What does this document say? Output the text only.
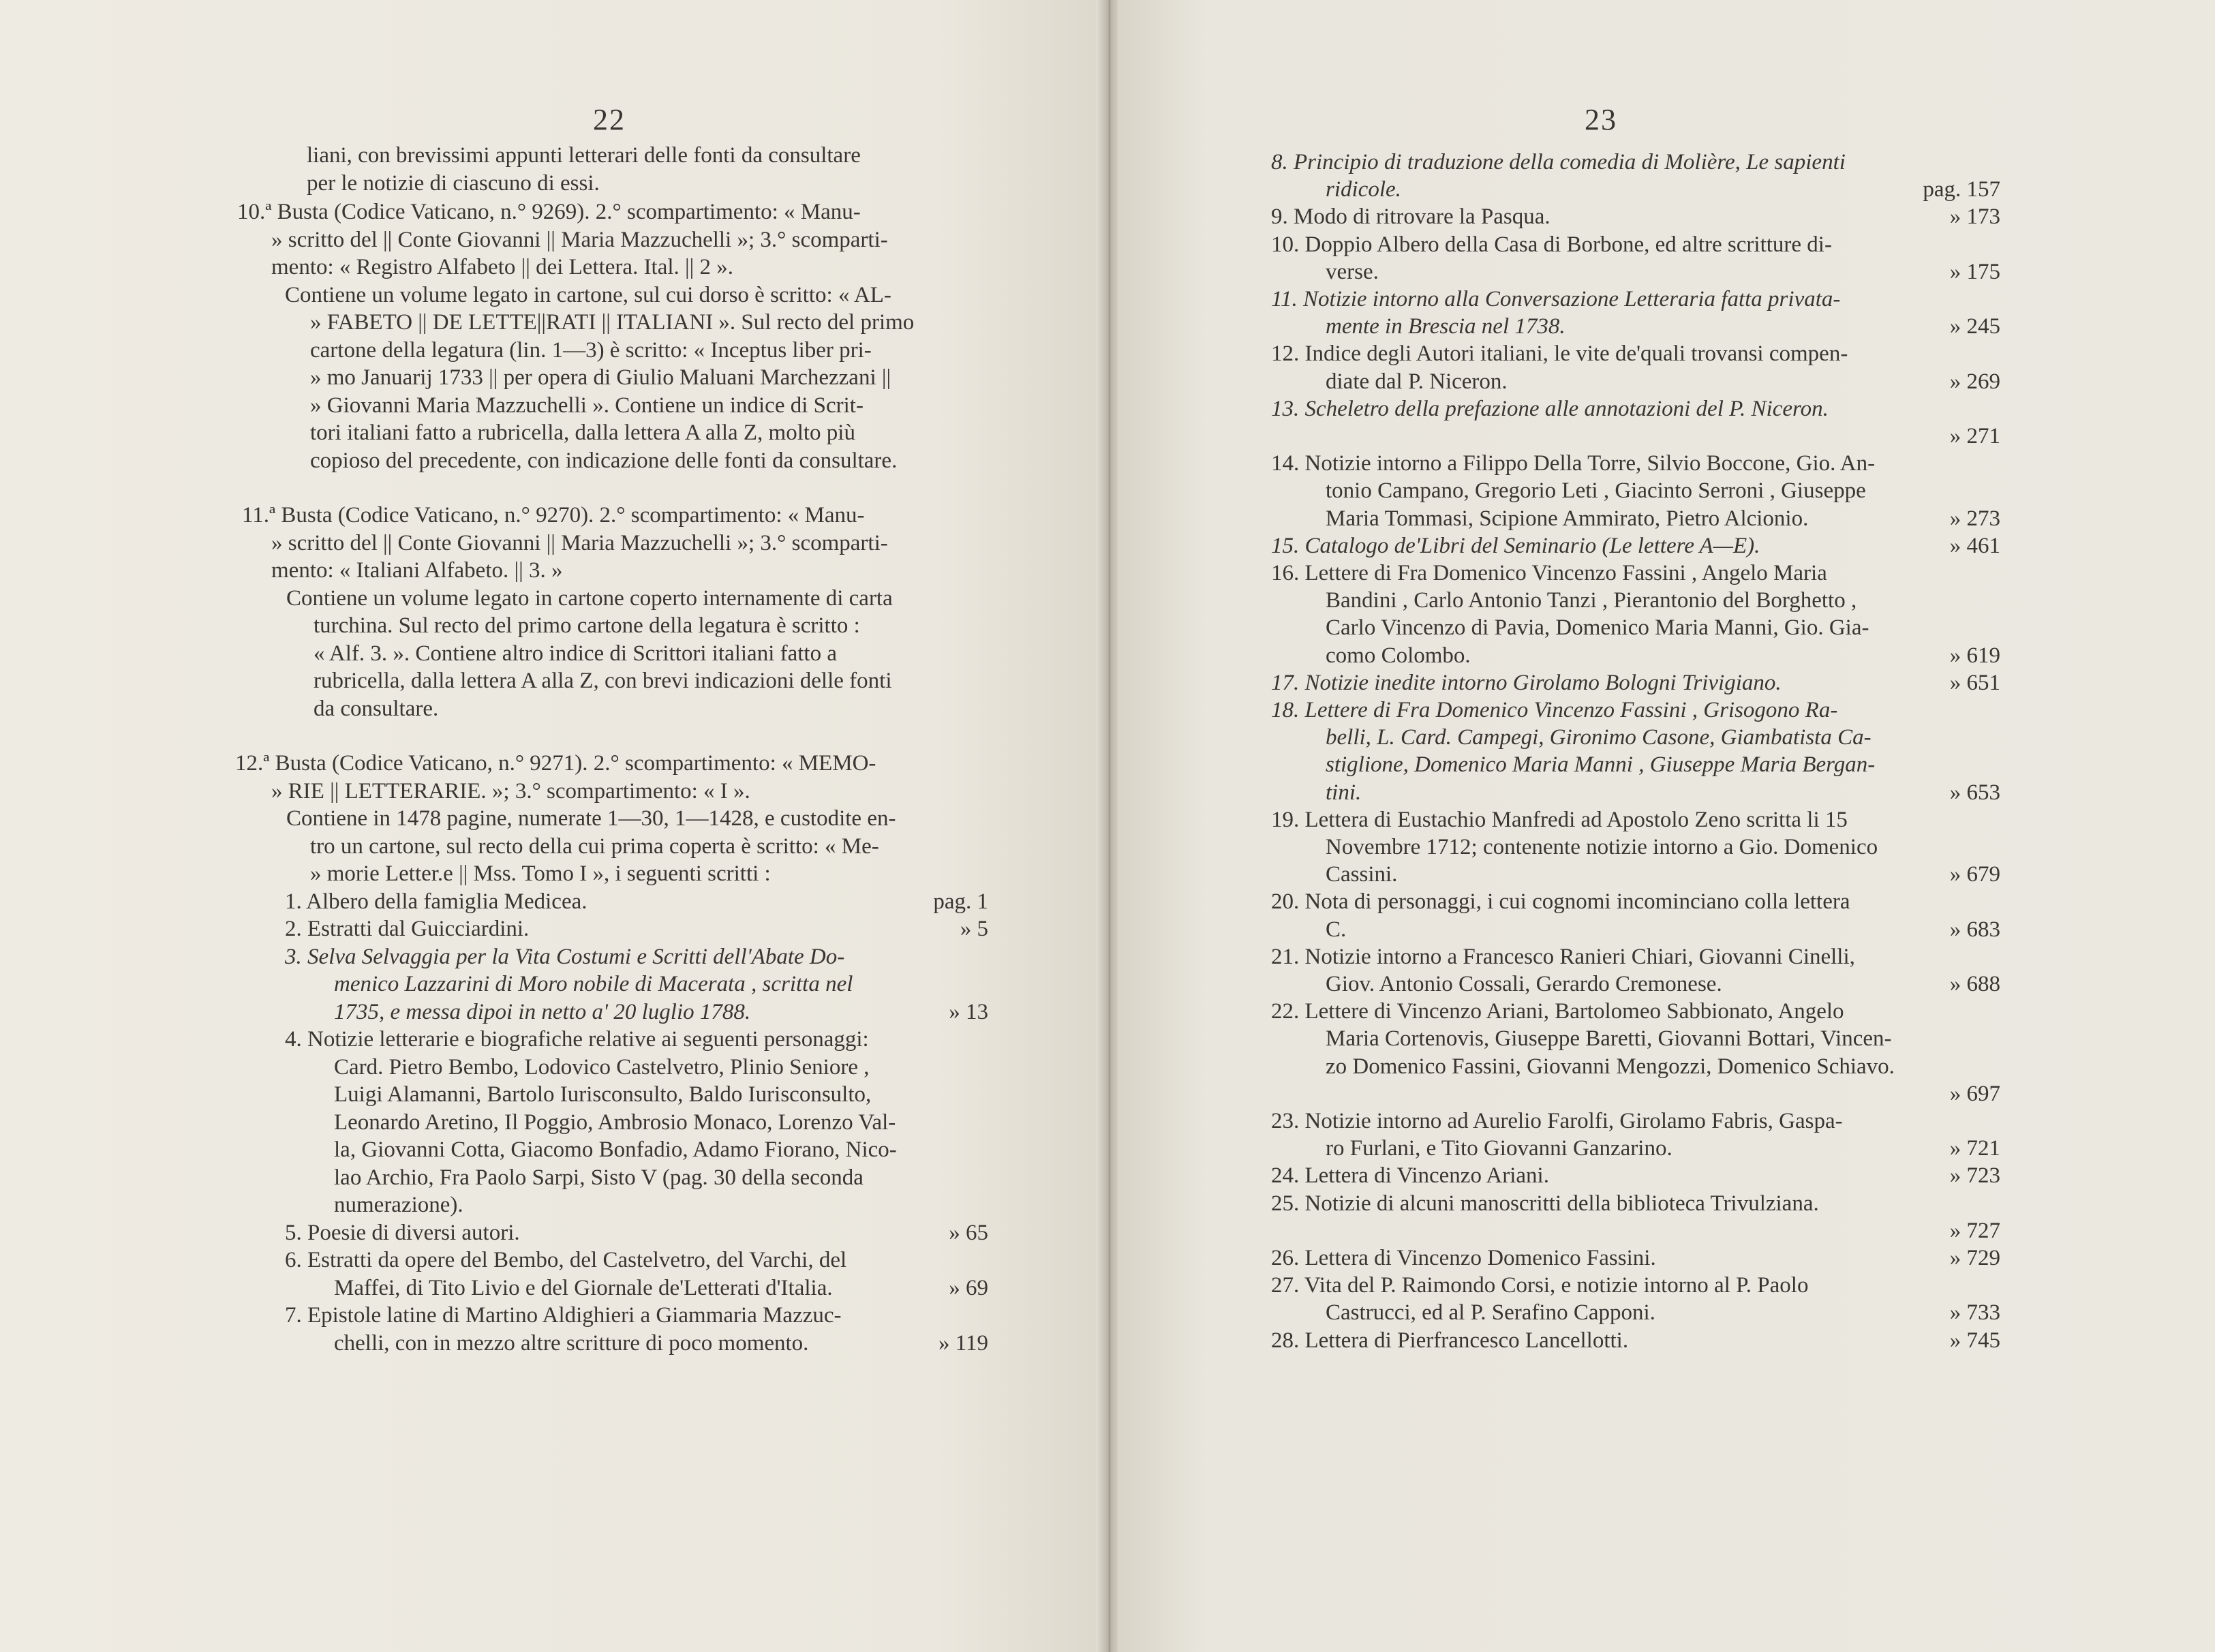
22
liani, con brevissimi appunti letterari delle fonti da consultare
per le notizie di ciascuno di essi.
10.ª Busta (Codice Vaticano, n.° 9269). 2.° scompartimento: « Manu-
» scritto del || Conte Giovanni || Maria Mazzuchelli »; 3.° scomparti-
mento: « Registro Alfabeto || dei Lettera. Ital. || 2 ».
Contiene un volume legato in cartone, sul cui dorso è scritto: « AL-
» FABETO || DE LETTE||RATI || ITALIANI ». Sul recto del primo
cartone della legatura (lin. 1—3) è scritto: « Inceptus liber pri-
» mo Januarij 1733 || per opera di Giulio Maluani Marchezzani ||
» Giovanni Maria Mazzuchelli ». Contiene un indice di Scrit-
tori italiani fatto a rubricella, dalla lettera A alla Z, molto più
copioso del precedente, con indicazione delle fonti da consultare.
11.ª Busta (Codice Vaticano, n.° 9270). 2.° scompartimento: « Manu-
» scritto del || Conte Giovanni || Maria Mazzuchelli »; 3.° scomparti-
mento: « Italiani Alfabeto. || 3. »
Contiene un volume legato in cartone coperto internamente di carta
turchina. Sul recto del primo cartone della legatura è scritto :
« Alf. 3. ». Contiene altro indice di Scrittori italiani fatto a
rubricella, dalla lettera A alla Z, con brevi indicazioni delle fonti
da consultare.
12.ª Busta (Codice Vaticano, n.° 9271). 2.° scompartimento: « MEMO-
» RIE || LETTERARIE. »; 3.° scompartimento: « I ».
Contiene in 1478 pagine, numerate 1—30, 1—1428, e custodite en-
tro un cartone, sul recto della cui prima coperta è scritto: « Me-
» morie Letter.e || Mss. Tomo I », i seguenti scritti :
1. Albero della famiglia Medicea.	pag. 1
2. Estratti dal Guicciardini.	» 5
3. Selva Selvaggia per la Vita Costumi e Scritti dell'Abate Do-
menico Lazzarini di Moro nobile di Macerata , scritta nel
1735, e messa dipoi in netto a' 20 luglio 1788.	» 13
4. Notizie letterarie e biografiche relative ai seguenti personaggi:
Card. Pietro Bembo, Lodovico Castelvetro, Plinio Seniore ,
Luigi Alamanni, Bartolo Iurisconsulto, Baldo Iurisconsulto,
Leonardo Aretino, Il Poggio, Ambrosio Monaco, Lorenzo Val-
la, Giovanni Cotta, Giacomo Bonfadio, Adamo Fiorano, Nico-
lao Archio, Fra Paolo Sarpi, Sisto V (pag. 30 della seconda
numerazione).
5. Poesie di diversi autori.	» 65
6. Estratti da opere del Bembo, del Castelvetro, del Varchi, del
Maffei, di Tito Livio e del Giornale de'Letterati d'Italia.	» 69
7. Epistole latine di Martino Aldighieri a Giammaria Mazzuc-
chelli, con in mezzo altre scritture di poco momento.	» 119
23
8. Principio di traduzione della comedia di Molière, Le sapienti
ridicole.	pag. 157
9. Modo di ritrovare la Pasqua.	» 173
10. Doppio Albero della Casa di Borbone, ed altre scritture di-
verse.	» 175
11. Notizie intorno alla Conversazione Letteraria fatta privata-
mente in Brescia nel 1738.	» 245
12. Indice degli Autori italiani, le vite de'quali trovansi compen-
diate dal P. Niceron.	» 269
13. Scheletro della prefazione alle annotazioni del P. Niceron.
» 271
14. Notizie intorno a Filippo Della Torre, Silvio Boccone, Gio. An-
tonio Campano, Gregorio Leti , Giacinto Serroni , Giuseppe
Maria Tommasi, Scipione Ammirato, Pietro Alcionio.	» 273
15. Catalogo de'Libri del Seminario (Le lettere A—E).	» 461
16. Lettere di Fra Domenico Vincenzo Fassini , Angelo Maria
Bandini , Carlo Antonio Tanzi , Pierantonio del Borghetto ,
Carlo Vincenzo di Pavia, Domenico Maria Manni, Gio. Gia-
como Colombo.	» 619
17. Notizie inedite intorno Girolamo Bologni Trivigiano.	» 651
18. Lettere di Fra Domenico Vincenzo Fassini , Grisogono Ra-
belli, L. Card. Campegi, Gironimo Casone, Giambatista Ca-
stiglione, Domenico Maria Manni , Giuseppe Maria Bergan-
tini.	» 653
19. Lettera di Eustachio Manfredi ad Apostolo Zeno scritta li 15
Novembre 1712; contenente notizie intorno a Gio. Domenico
Cassini.	» 679
20. Nota di personaggi, i cui cognomi incominciano colla lettera
C.	» 683
21. Notizie intorno a Francesco Ranieri Chiari, Giovanni Cinelli,
Giov. Antonio Cossali, Gerardo Cremonese.	» 688
22. Lettere di Vincenzo Ariani, Bartolomeo Sabbionato, Angelo
Maria Cortenovis, Giuseppe Baretti, Giovanni Bottari, Vincen-
zo Domenico Fassini, Giovanni Mengozzi, Domenico Schiavo.
» 697
23. Notizie intorno ad Aurelio Farolfi, Girolamo Fabris, Gaspa-
ro Furlani, e Tito Giovanni Ganzarino.	» 721
24. Lettera di Vincenzo Ariani.	» 723
25. Notizie di alcuni manoscritti della biblioteca Trivulziana.
» 727
26. Lettera di Vincenzo Domenico Fassini.	» 729
27. Vita del P. Raimondo Corsi, e notizie intorno al P. Paolo
Castrucci, ed al P. Serafino Capponi.	» 733
28. Lettera di Pierfrancesco Lancellotti.	» 745
